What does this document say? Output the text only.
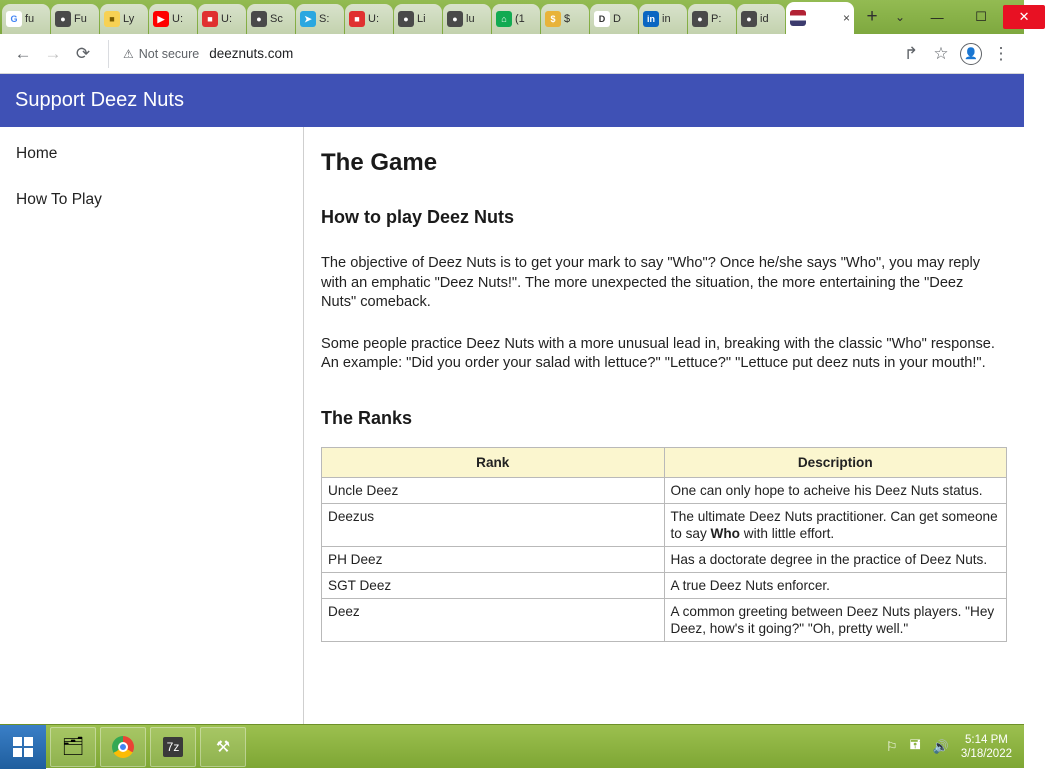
G fu	● Fu	■ Ly	▶ U:	■ U:	● Sc	➤ S:	■ U:	● Li	● lu	⌂ (1	$ $	D D	in in	● P:	● id	× +	⌄	—	☐	✕
← → ⟳	⚠ Not secure deeznuts.com	↱ ☆	👤 ⋮
Support Deez Nuts
Home
How To Play
The Game
How to play Deez Nuts

The objective of Deez Nuts is to get your mark to say "Who"? Once he/she says "Who", you may reply with an emphatic "Deez Nuts!". The more unexpected the situation, the more entertaining the "Deez Nuts" comeback.

Some people practice Deez Nuts with a more unusual lead in, breaking with the classic "Who" response. An example: "Did you order your salad with lettuce?" "Lettuce?" "Lettuce put deez nuts in your mouth!".

The Ranks
Rank	Description
Uncle Deez	One can only hope to acheive his Deez Nuts status.
Deezus	The ultimate Deez Nuts practitioner. Can get someone to say Who with little effort.
PH Deez	Has a doctorate degree in the practice of Deez Nuts.
SGT Deez	A true Deez Nuts enforcer.
Deez	A common greeting between Deez Nuts players. "Hey Deez, how's it going?" "Oh, pretty well."
🗂	7z ⚒	⚐ 🖬 🔊	5:14 PM
3/18/2022
